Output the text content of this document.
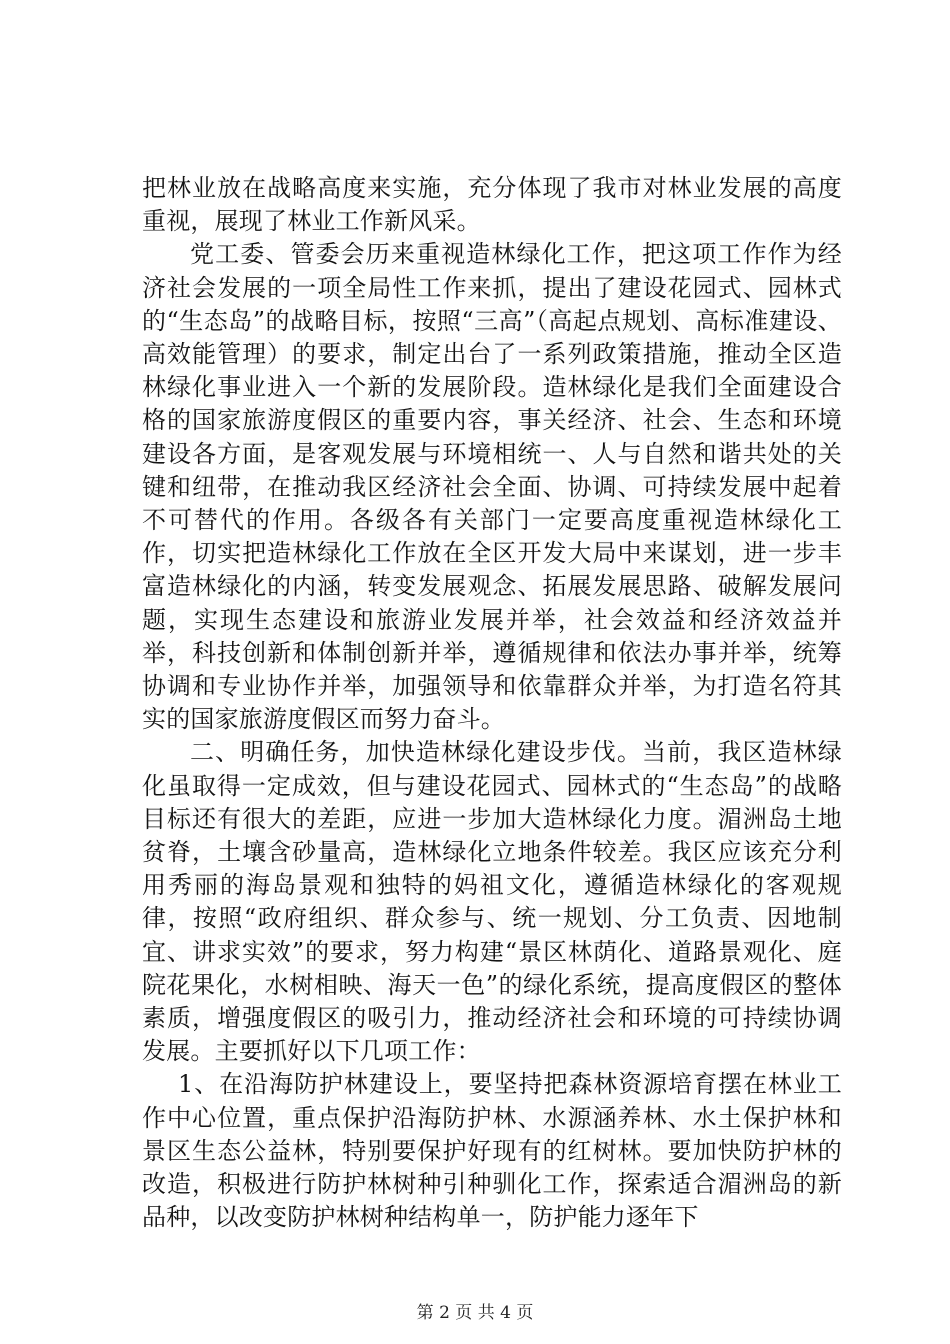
把林业放在战略高度来实施，充分体现了我市对林业发展的高度重视，展现了林业工作新风采。

党工委、管委会历来重视造林绿化工作，把这项工作作为经济社会发展的一项全局性工作来抓，提出了建设花园式、园林式的“生态岛”的战略目标，按照“三高”（高起点规划、高标准建设、高效能管理）的要求，制定出台了一系列政策措施，推动全区造林绿化事业进入一个新的发展阶段。造林绿化是我们全面建设合格的国家旅游度假区的重要内容，事关经济、社会、生态和环境建设各方面，是客观发展与环境相统一、人与自然和谐共处的关键和纽带，在推动我区经济社会全面、协调、可持续发展中起着不可替代的作用。各级各有关部门一定要高度重视造林绿化工作，切实把造林绿化工作放在全区开发大局中来谋划，进一步丰富造林绿化的内涵，转变发展观念、拓展发展思路、破解发展问题，实现生态建设和旅游业发展并举，社会效益和经济效益并举，科技创新和体制创新并举，遵循规律和依法办事并举，统筹协调和专业协作并举，加强领导和依靠群众并举，为打造名符其实的国家旅游度假区而努力奋斗。

二、明确任务，加快造林绿化建设步伐。当前，我区造林绿化虽取得一定成效，但与建设花园式、园林式的“生态岛”的战略目标还有很大的差距，应进一步加大造林绿化力度。湄洲岛土地贫脊，土壤含砂量高，造林绿化立地条件较差。我区应该充分利用秀丽的海岛景观和独特的妈祖文化，遵循造林绿化的客观规律，按照“政府组织、群众参与、统一规划、分工负责、因地制宜、讲求实效”的要求，努力构建“景区林荫化、道路景观化、庭院花果化，水树相映、海天一色”的绿化系统，提高度假区的整体素质，增强度假区的吸引力，推动经济社会和环境的可持续协调发展。主要抓好以下几项工作：

1、在沿海防护林建设上，要坚持把森林资源培育摆在林业工作中心位置，重点保护沿海防护林、水源涵养林、水土保护林和景区生态公益林，特别要保护好现有的红树林。要加快防护林的改造，积极进行防护林树种引种驯化工作，探索适合湄洲岛的新品种，以改变防护林树种结构单一，防护能力逐年下

第 2 页 共 4 页
